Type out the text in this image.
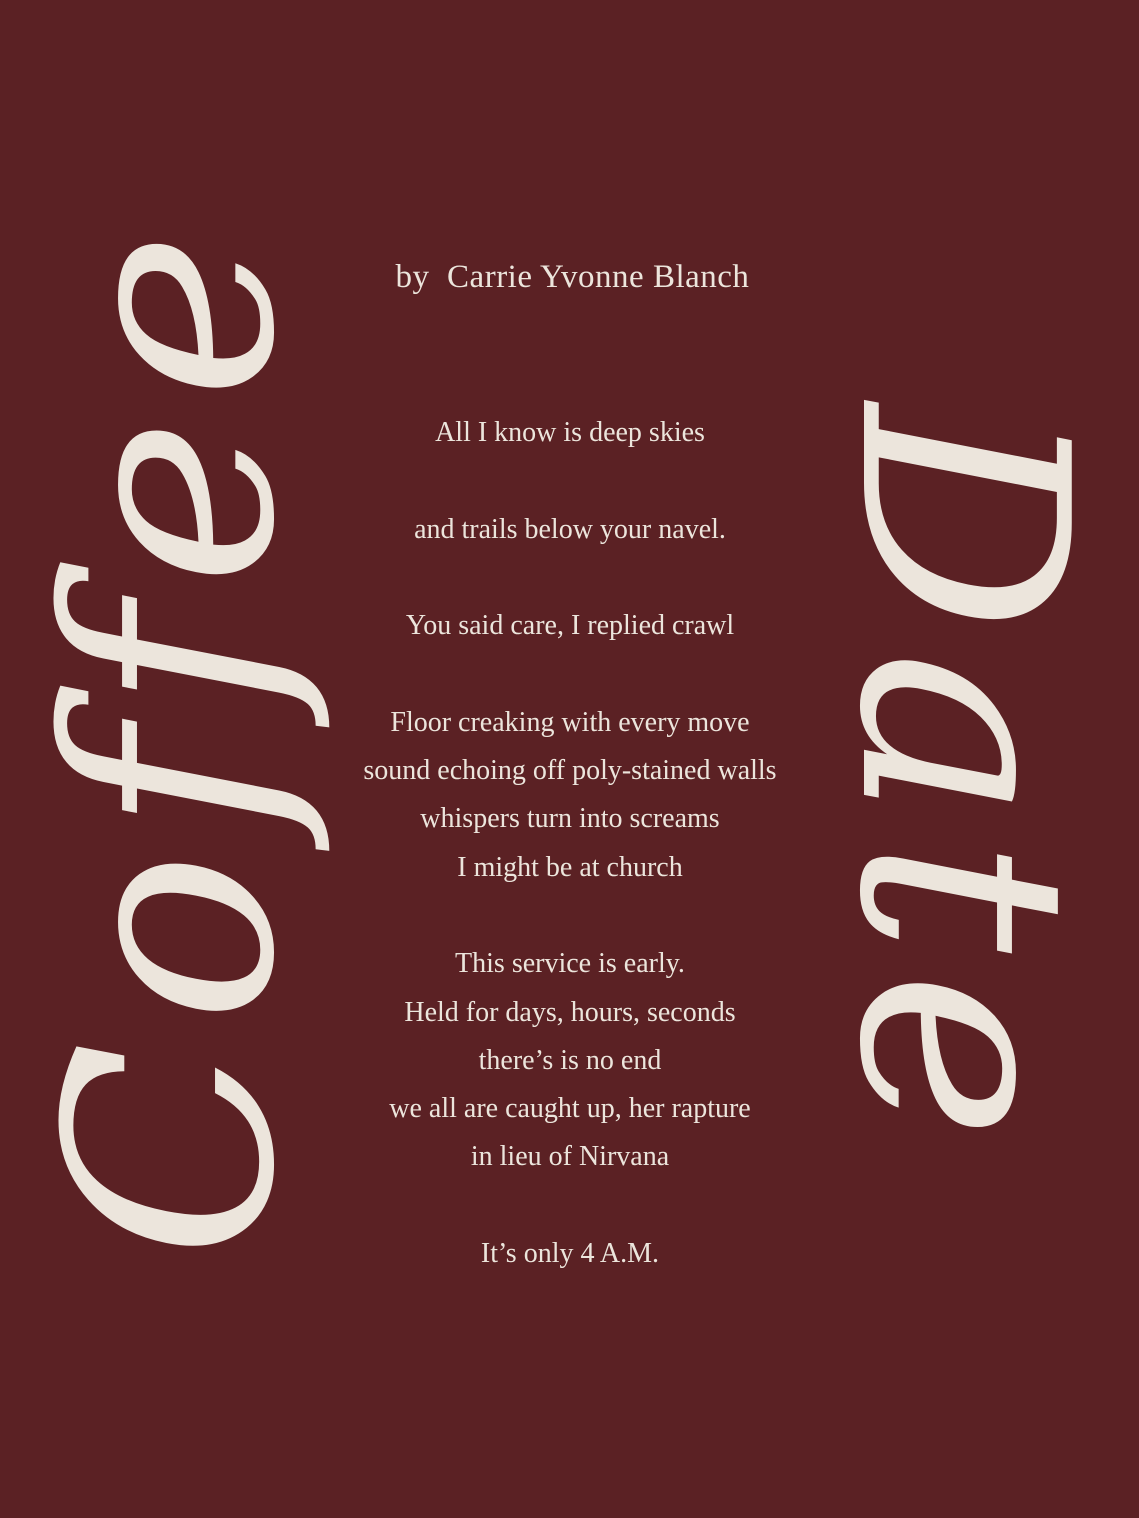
Coffee Date
by  Carrie Yvonne Blanch
All I know is deep skies
and trails below your navel.
You said care, I replied crawl
Floor creaking with every move
sound echoing off poly-stained walls
whispers turn into screams
I might be at church
This service is early.
Held for days, hours, seconds
there’s is no end
we all are caught up, her rapture
in lieu of Nirvana
It’s only 4 A.M.
